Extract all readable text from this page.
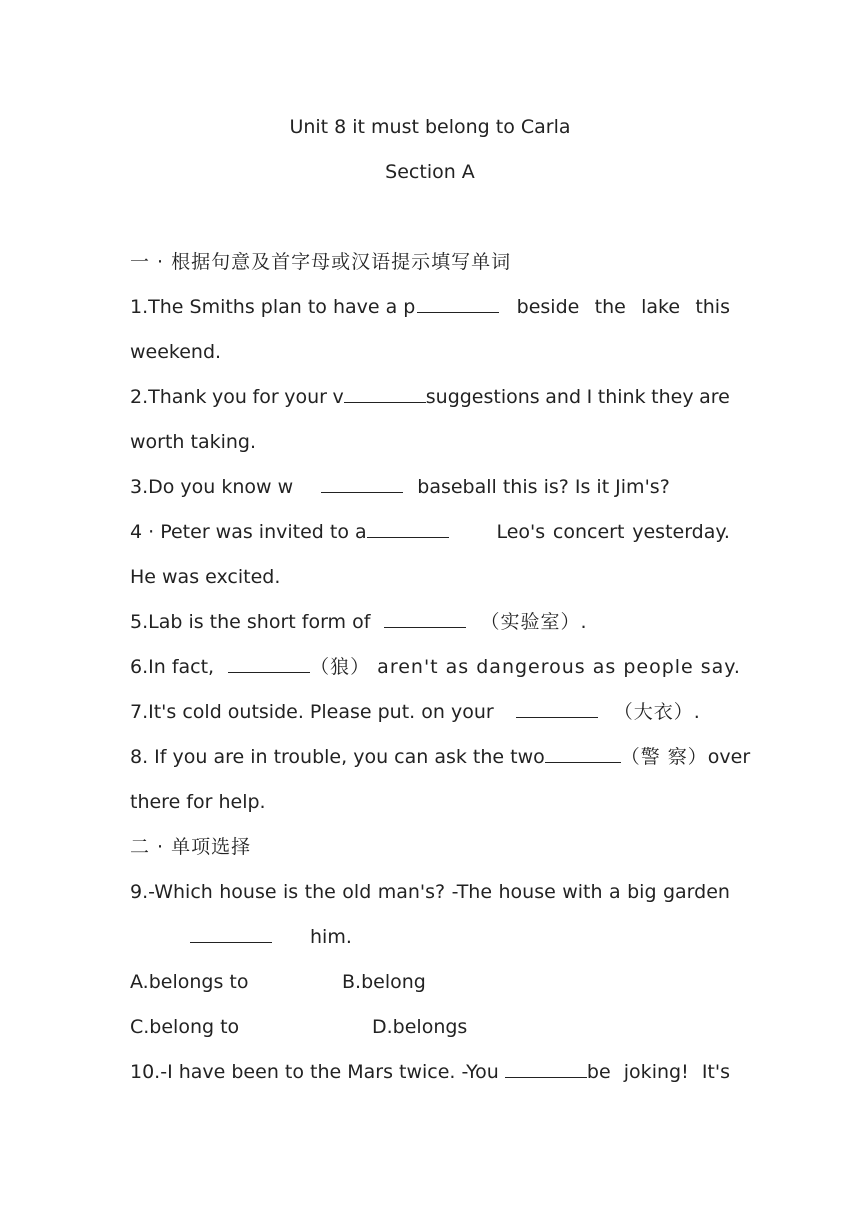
Unit 8 it must belong to Carla
Section A
一 · 根据句意及首字母或汉语提示填写单词
1.The Smiths plan to have a p	beside the lake this
weekend.
2.Thank you for your v	suggestions and I think they are
worth taking.
3.Do you know w	baseball this is? Is it Jim's?
4 · Peter was invited to a	Leo's concert yesterday.
He was excited.
5.Lab is the short form of	（实验室）.
6.In fact,	（狼） aren't as dangerous as people say.
7.It's cold outside. Please put. on your	（大衣）.
8. If you are in trouble, you can ask the two	（警 察） over
there for help.
二 · 单项选择
9.-Which house is the old man's? -The house with a big garden
him.
A.belongs to	B.belong
C.belong to	D.belongs
10.-I have been to the Mars twice. -You	be joking! It's
